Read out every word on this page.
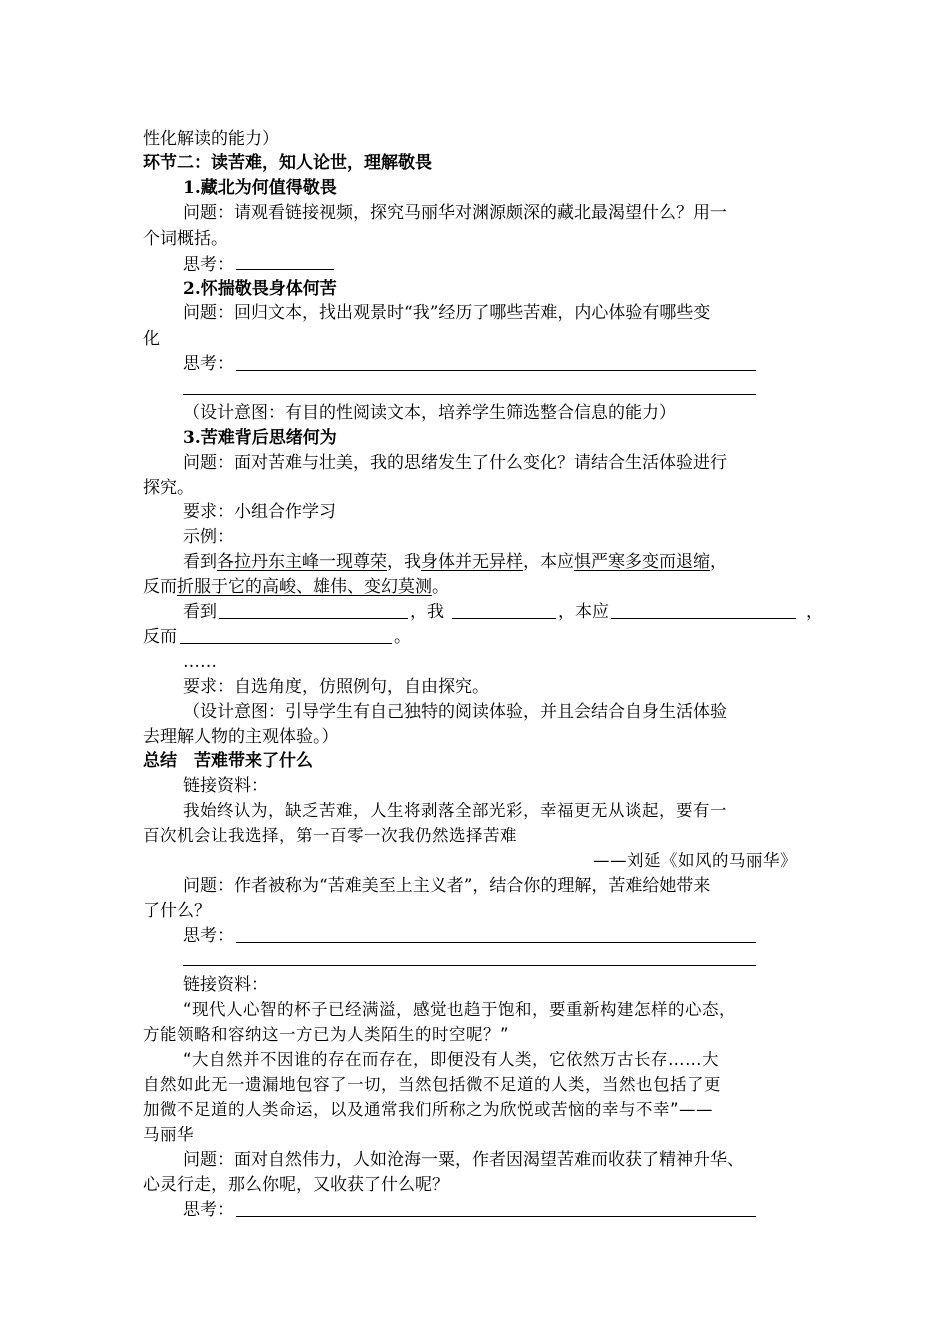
性化解读的能力）
环节二：读苦难，知人论世，理解敬畏
1.藏北为何值得敬畏
问题：请观看链接视频，探究马丽华对渊源颇深的藏北最渴望什么？用一
个词概括。
思考：
2.怀揣敬畏身体何苦
问题：回归文本，找出观景时“我”经历了哪些苦难，内心体验有哪些变
化
思考：
（设计意图：有目的性阅读文本，培养学生筛选整合信息的能力）
3.苦难背后思绪何为
问题：面对苦难与壮美，我的思绪发生了什么变化？请结合生活体验进行
探究。
要求：小组合作学习
示例：
看到各拉丹东主峰一现尊荣，我身体并无异样，本应惧严寒多变而退缩，
反而折服于它的高峻、雄伟、变幻莫测。
看到	，我	，本应	，
反而	。
……
要求：自选角度，仿照例句，自由探究。
（设计意图：引导学生有自己独特的阅读体验，并且会结合自身生活体验
去理解人物的主观体验。）
总结　苦难带来了什么
链接资料：
我始终认为，缺乏苦难，人生将剥落全部光彩，幸福更无从谈起，要有一
百次机会让我选择，第一百零一次我仍然选择苦难
——刘延《如风的马丽华》
问题：作者被称为“苦难美至上主义者”，结合你的理解，苦难给她带来
了什么？
思考：
链接资料：
“现代人心智的杯子已经满溢，感觉也趋于饱和，要重新构建怎样的心态，
方能领略和容纳这一方已为人类陌生的时空呢？”
“大自然并不因谁的存在而存在，即便没有人类，它依然万古长存……大
自然如此无一遗漏地包容了一切，当然包括微不足道的人类，当然也包括了更
加微不足道的人类命运，以及通常我们所称之为欣悦或苦恼的幸与不幸”——
马丽华
问题：面对自然伟力，人如沧海一粟，作者因渴望苦难而收获了精神升华、
心灵行走，那么你呢，又收获了什么呢？
思考：
